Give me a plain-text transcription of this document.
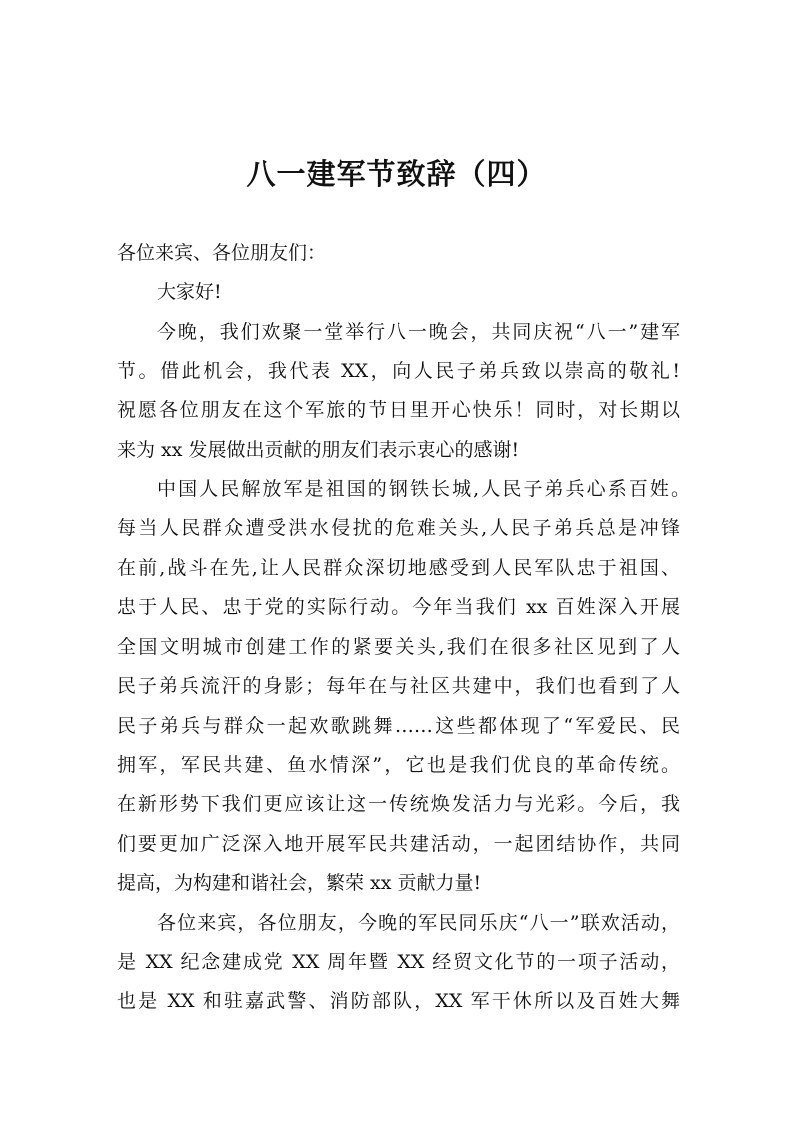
八一建军节致辞（四）
各位来宾、各位朋友们：
大家好!
今晚，我们欢聚一堂举行八一晚会，共同庆祝“八一”建军
节。借此机会，我代表 XX，向人民子弟兵致以崇高的敬礼!
祝愿各位朋友在这个军旅的节日里开心快乐！同时，对长期以
来为 xx 发展做出贡献的朋友们表示衷心的感谢!
中国人民解放军是祖国的钢铁长城,人民子弟兵心系百姓。
每当人民群众遭受洪水侵扰的危难关头,人民子弟兵总是冲锋
在前,战斗在先,让人民群众深切地感受到人民军队忠于祖国、
忠于人民、忠于党的实际行动。今年当我们 xx 百姓深入开展
全国文明城市创建工作的紧要关头,我们在很多社区见到了人
民子弟兵流汗的身影；每年在与社区共建中，我们也看到了人
民子弟兵与群众一起欢歌跳舞……这些都体现了“军爱民、民
拥军，军民共建、鱼水情深”，它也是我们优良的革命传统。
在新形势下我们更应该让这一传统焕发活力与光彩。今后，我
们要更加广泛深入地开展军民共建活动，一起团结协作，共同
提高，为构建和谐社会，繁荣 xx 贡献力量!
各位来宾，各位朋友，今晚的军民同乐庆“八一”联欢活动，
是 XX 纪念建成党 XX 周年暨 XX 经贸文化节的一项子活动，
也是 XX 和驻嘉武警、消防部队，XX 军干休所以及百姓大舞
